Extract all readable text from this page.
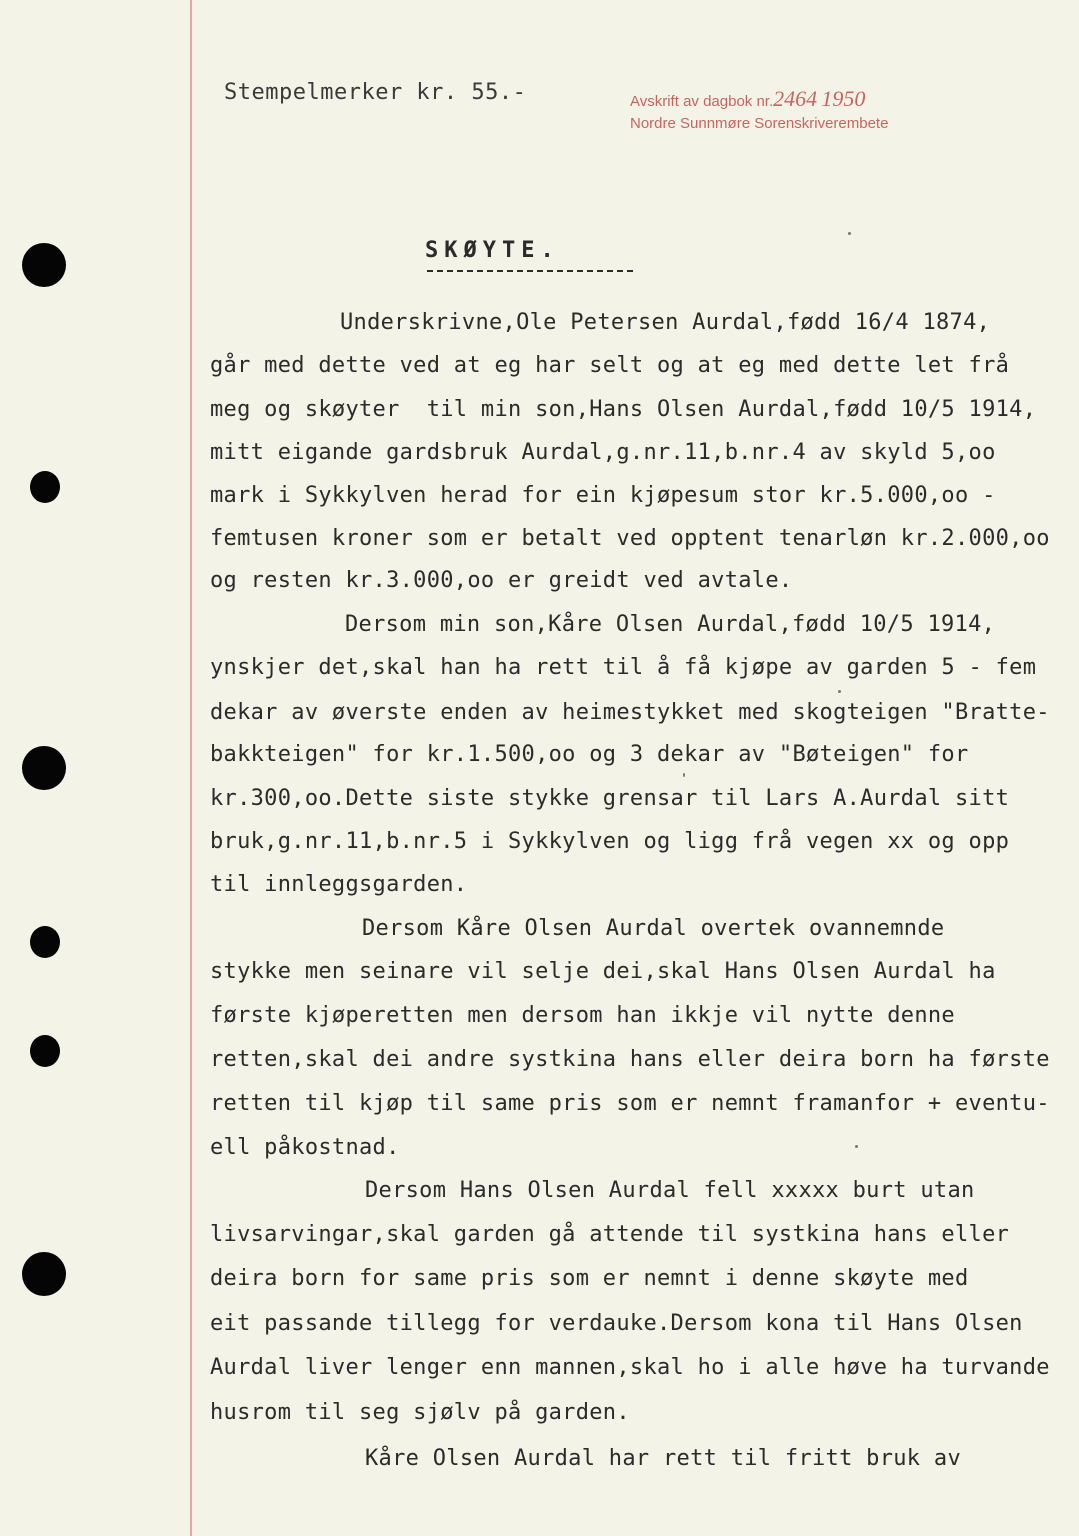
Stempelmerker kr. 55.-	Avskrift av dagbok nr.2464 1950
Nordre Sunnmøre Sorenskriverembete
SKØYTE.
Underskrivne,Ole Petersen Aurdal,fødd 16/4 1874,
går med dette ved at eg har selt og at eg med dette let frå
meg og skøyter  til min son,Hans Olsen Aurdal,fødd 10/5 1914,
mitt eigande gardsbruk Aurdal,g.nr.11,b.nr.4 av skyld 5,oo
mark i Sykkylven herad for ein kjøpesum stor kr.5.000,oo -
femtusen kroner som er betalt ved opptent tenarløn kr.2.000,oo
og resten kr.3.000,oo er greidt ved avtale.
Dersom min son,Kåre Olsen Aurdal,fødd 10/5 1914,
ynskjer det,skal han ha rett til å få kjøpe av garden 5 - fem
dekar av øverste enden av heimestykket med skogteigen "Bratte-
bakkteigen" for kr.1.500,oo og 3 dekar av "Bøteigen" for
kr.300,oo.Dette siste stykke grensar til Lars A.Aurdal sitt
bruk,g.nr.11,b.nr.5 i Sykkylven og ligg frå vegen xx og opp
til innleggsgarden.
Dersom Kåre Olsen Aurdal overtek ovannemnde
stykke men seinare vil selje dei,skal Hans Olsen Aurdal ha
første kjøperetten men dersom han ikkje vil nytte denne
retten,skal dei andre systkina hans eller deira born ha første
retten til kjøp til same pris som er nemnt framanfor + eventu-
ell påkostnad.
Dersom Hans Olsen Aurdal fell xxxxx burt utan
livsarvingar,skal garden gå attende til systkina hans eller
deira born for same pris som er nemnt i denne skøyte med
eit passande tillegg for verdauke.Dersom kona til Hans Olsen
Aurdal liver lenger enn mannen,skal ho i alle høve ha turvande
husrom til seg sjølv på garden.
Kåre Olsen Aurdal har rett til fritt bruk av
